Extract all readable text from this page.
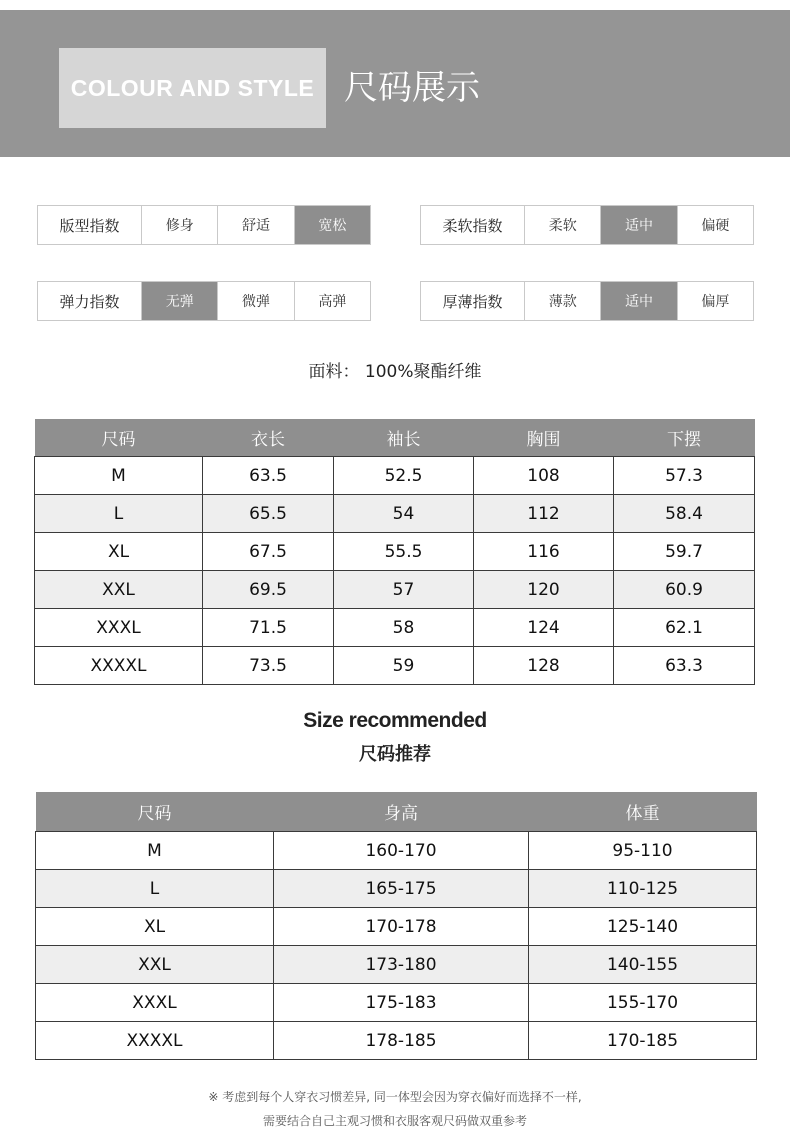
COLOUR AND STYLE 尺码展示
版型指数	修身	舒适	宽松	柔软指数	柔软	适中	偏硬
弹力指数	无弹	微弹	高弹	厚薄指数	薄款	适中	偏厚
面料： 100%聚酯纤维
尺码	衣长	袖长	胸围	下摆
M	63.5	52.5	108	57.3
L	65.5	54	112	58.4
XL	67.5	55.5	116	59.7
XXL	69.5	57	120	60.9
XXXL	71.5	58	124	62.1
XXXXL	73.5	59	128	63.3
Size recommended
尺码推荐
尺码	身高	体重
M	160-170	95-110
L	165-175	110-125
XL	170-178	125-140
XXL	173-180	140-155
XXXL	175-183	155-170
XXXXL	178-185	170-185
※ 考虑到每个人穿衣习惯差异, 同一体型会因为穿衣偏好而选择不一样,
需要结合自己主观习惯和衣服客观尺码做双重参考
